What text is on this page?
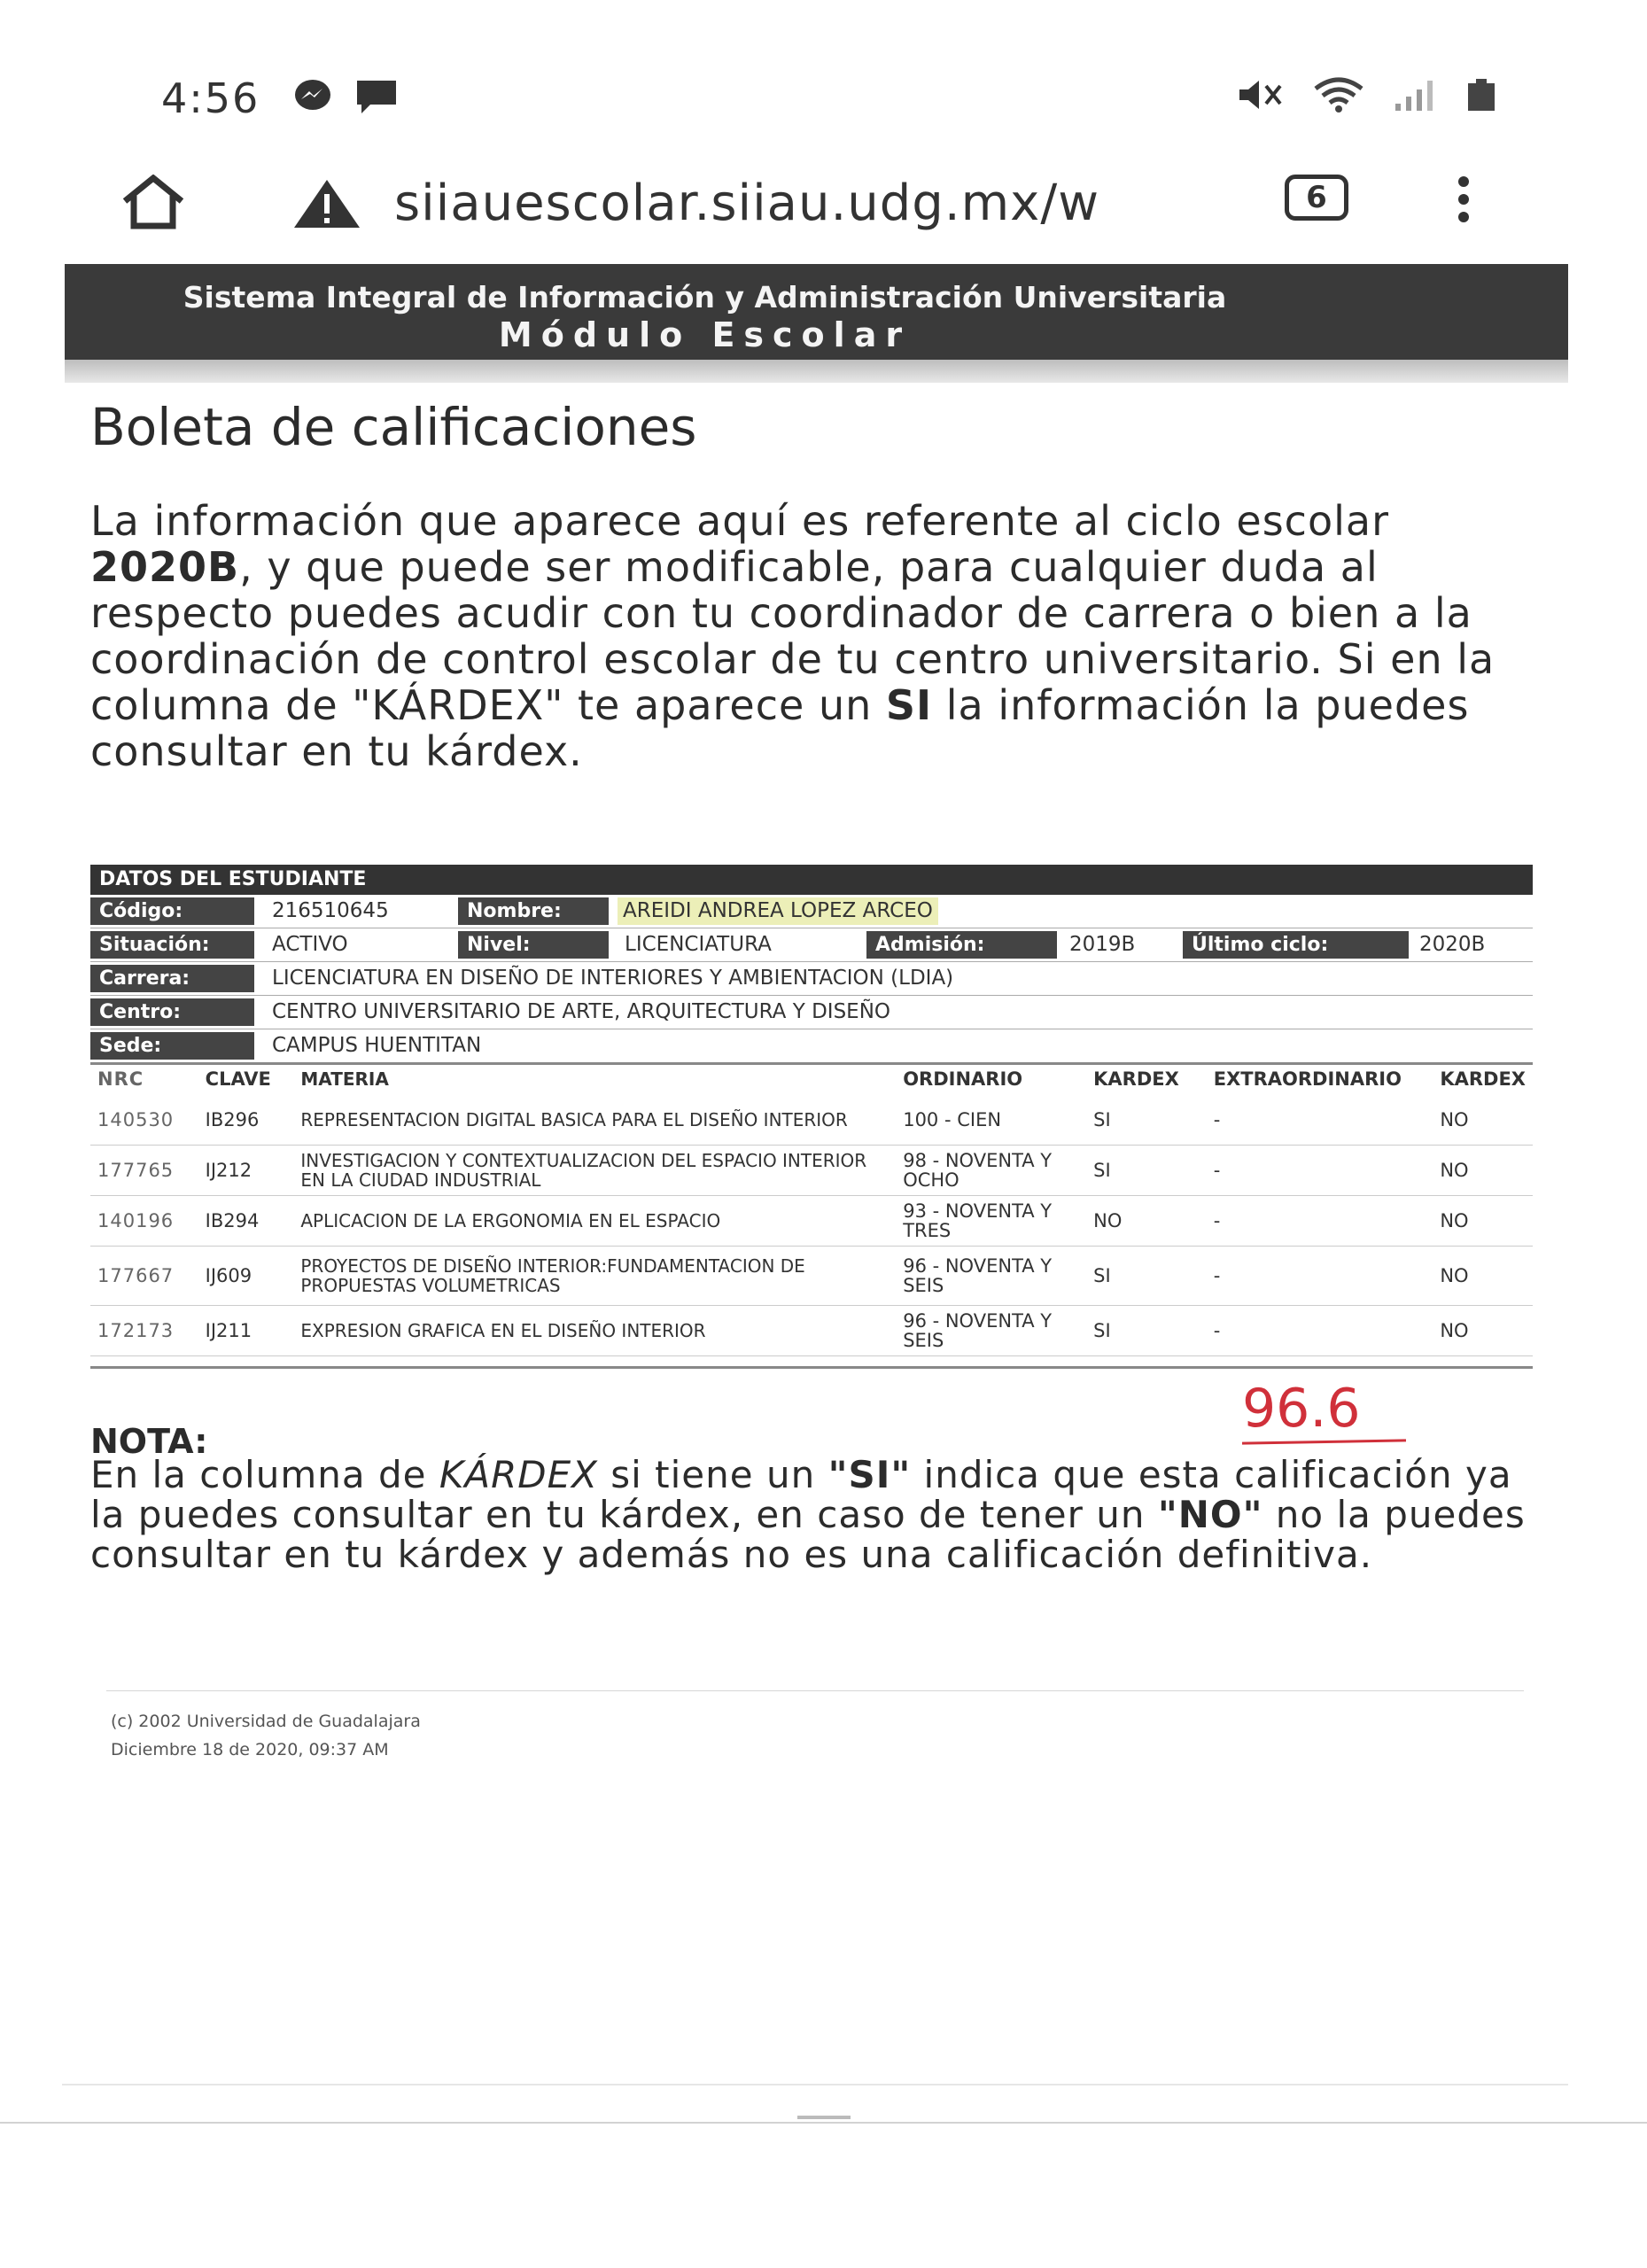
4:56
siiauescolar.siiau.udg.mx/w	6
Sistema Integral de Información y Administración Universitaria
Módulo Escolar
Boleta de calificaciones
La información que aparece aquí es referente al ciclo escolar 2020B, y que puede ser modificable, para cualquier duda al respecto puedes acudir con tu coordinador de carrera o bien a la coordinación de control escolar de tu centro universitario. Si en la columna de "KÁRDEX" te aparece un SI la información la puedes consultar en tu kárdex.
DATOS DEL ESTUDIANTE
Código:	216510645	Nombre:	AREIDI ANDREA LOPEZ ARCEO
Situación:	ACTIVO	Nivel:	LICENCIATURA	Admisión:	2019B	Último ciclo:	2020B
Carrera:	LICENCIATURA EN DISEÑO DE INTERIORES Y AMBIENTACION (LDIA)
Centro:	CENTRO UNIVERSITARIO DE ARTE, ARQUITECTURA Y DISEÑO
Sede:	CAMPUS HUENTITAN
NRC	CLAVE	MATERIA	ORDINARIO	KARDEX	EXTRAORDINARIO	KARDEX
140530	IB296	REPRESENTACION DIGITAL BASICA PARA EL DISEÑO INTERIOR	100 - CIEN	SI	-	NO
177765	IJ212	INVESTIGACION Y CONTEXTUALIZACION DEL ESPACIO INTERIOR EN LA CIUDAD INDUSTRIAL	98 - NOVENTA Y OCHO	SI	-	NO
140196	IB294	APLICACION DE LA ERGONOMIA EN EL ESPACIO	93 - NOVENTA Y TRES	NO	-	NO
177667	IJ609	PROYECTOS DE DISEÑO INTERIOR:FUNDAMENTACION DE PROPUESTAS VOLUMETRICAS	96 - NOVENTA Y SEIS	SI	-	NO
172173	IJ211	EXPRESION GRAFICA EN EL DISEÑO INTERIOR	96 - NOVENTA Y SEIS	SI	-	NO
96.6
NOTA:
En la columna de KÁRDEX si tiene un "SI" indica que esta calificación ya la puedes consultar en tu kárdex, en caso de tener un "NO" no la puedes consultar en tu kárdex y además no es una calificación definitiva.
(c) 2002 Universidad de Guadalajara
Diciembre 18 de 2020, 09:37 AM
